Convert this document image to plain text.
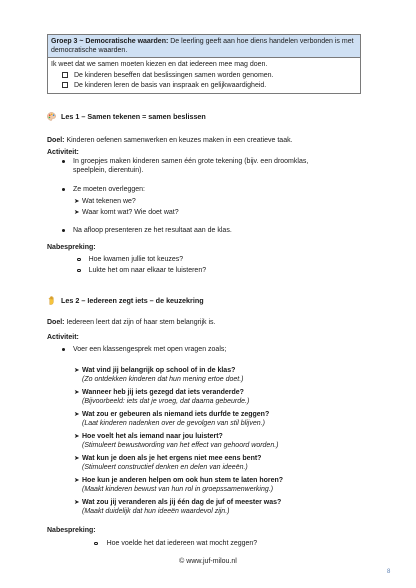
Groep 3 ~ Democratische waarden: De leerling geeft aan hoe diens handelen verbonden is met democratische waarden.
Ik weet dat we samen moeten kiezen en dat iedereen mee mag doen.
De kinderen beseffen dat beslissingen samen worden genomen.
De kinderen leren de basis van inspraak en gelijkwaardigheid.
Les 1 – Samen tekenen = samen beslissen
Doel: Kinderen oefenen samenwerken en keuzes maken in een creatieve taak.
Activiteit:
In groepjes maken kinderen samen één grote tekening (bijv. een droomklas,
speelplein, dierentuin).
Ze moeten overleggen:
➤ Wat tekenen we?
➤ Waar komt wat? Wie doet wat?
Na afloop presenteren ze het resultaat aan de klas.
Nabespreking:
Hoe kwamen jullie tot keuzes?
Lukte het om naar elkaar te luisteren?
Les 2 – Iedereen zegt iets – de keuzekring
Doel: Iedereen leert dat zijn of haar stem belangrijk is.
Activiteit:
Voer een klassengesprek met open vragen zoals;
➤ Wat vind jij belangrijk op school of in de klas?
(Zo ontdekken kinderen dat hun mening ertoe doet.)
➤ Wanneer heb jij iets gezegd dat iets veranderde?
(Bijvoorbeeld: iets dat je vroeg, dat daarna gebeurde.)
➤ Wat zou er gebeuren als niemand iets durfde te zeggen?
(Laat kinderen nadenken over de gevolgen van stil blijven.)
➤ Hoe voelt het als iemand naar jou luistert?
(Stimuleert bewustwording van het effect van gehoord worden.)
➤ Wat kun je doen als je het ergens niet mee eens bent?
(Stimuleert constructief denken en delen van ideeën.)
➤ Hoe kun je anderen helpen om ook hun stem te laten horen?
(Maakt kinderen bewust van hun rol in groepssamenwerking.)
➤ Wat zou jij veranderen als jij één dag de juf of meester was?
(Maakt duidelijk dat hun ideeën waardevol zijn.)
Nabespreking:
Hoe voelde het dat iedereen wat mocht zeggen?
© www.juf-milou.nl
8
